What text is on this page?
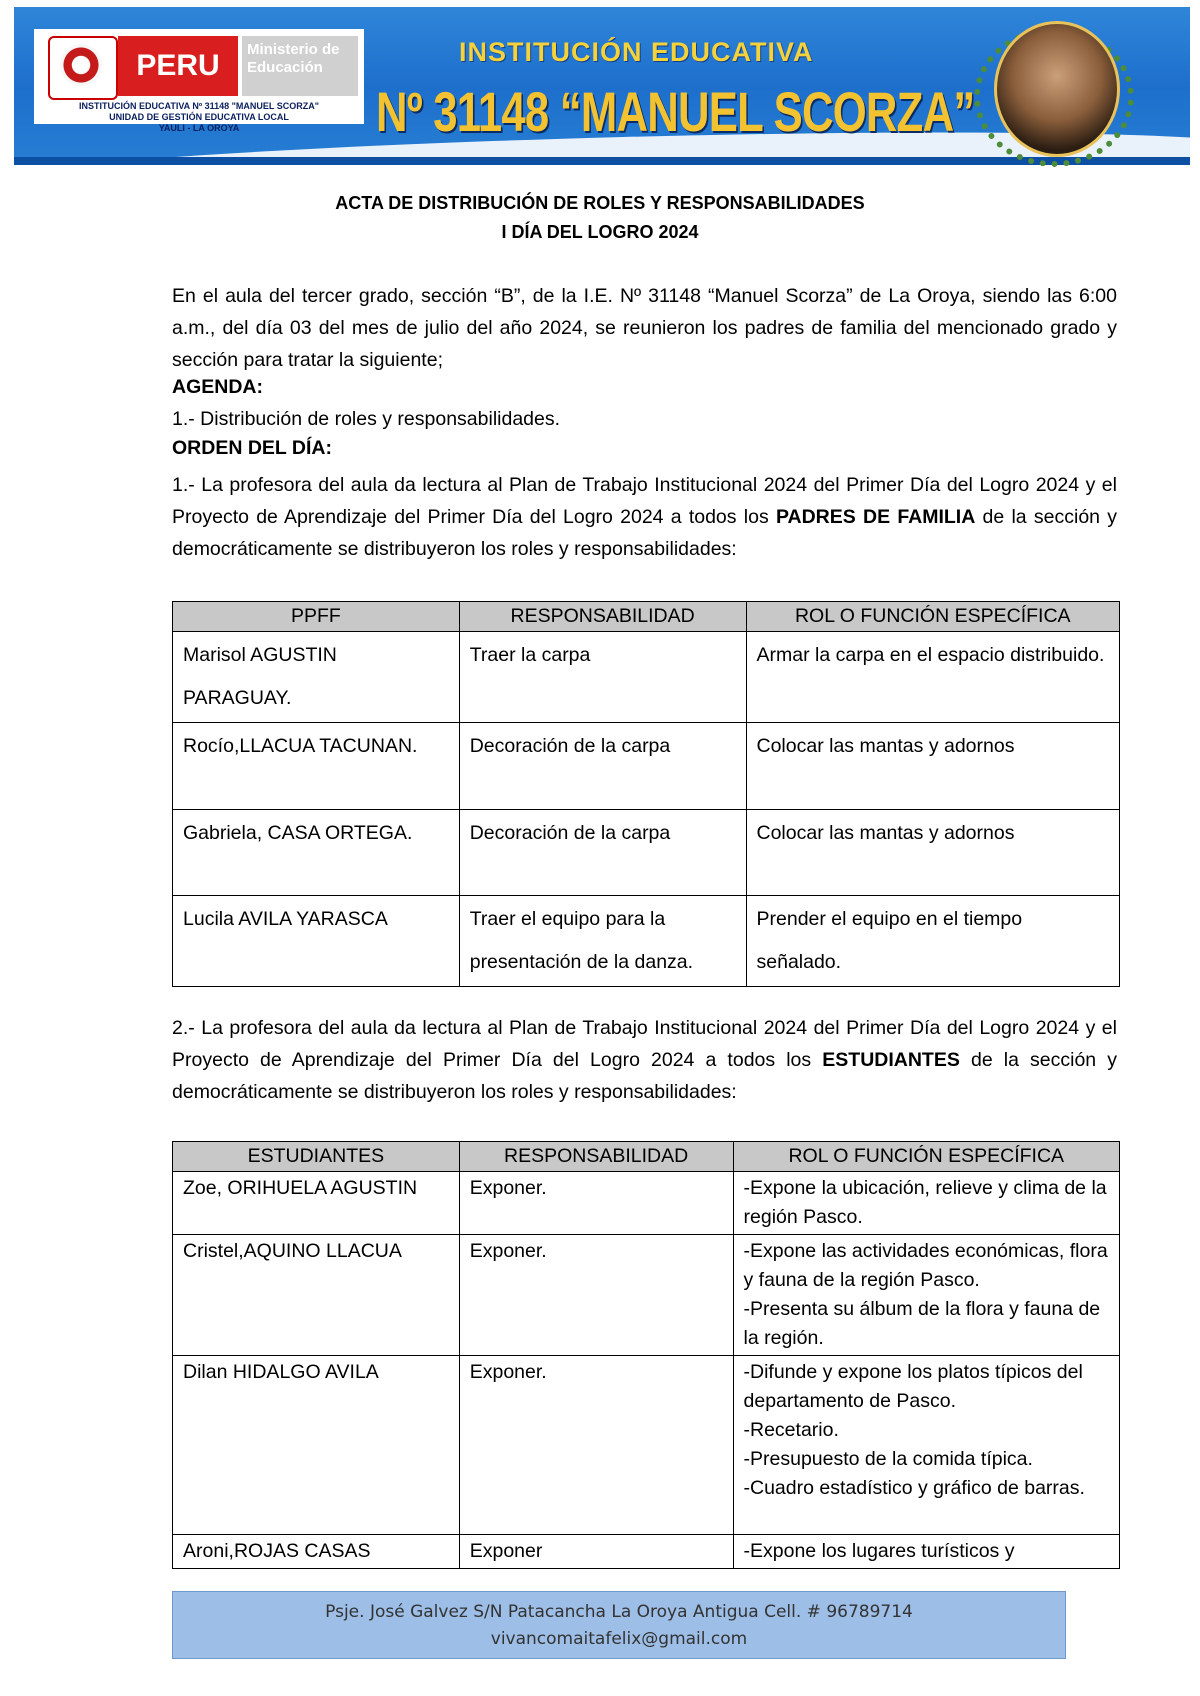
PERU	Ministerio de Educación
INSTITUCIÓN EDUCATIVA Nº 31148 "MANUEL SCORZA"
UNIDAD DE GESTIÓN EDUCATIVA LOCAL
YAULI - LA OROYA
INSTITUCIÓN EDUCATIVA
Nº 31148 “MANUEL SCORZA”
ACTA DE DISTRIBUCIÓN DE ROLES Y RESPONSABILIDADES
I DÍA DEL LOGRO 2024
En el aula del tercer grado, sección “B”, de la I.E. Nº 31148 “Manuel Scorza” de La Oroya, siendo las 6:00 a.m., del día 03 del mes de julio del año 2024, se reunieron los padres de familia del mencionado grado y sección para tratar la siguiente;
AGENDA:
1.- Distribución de roles y responsabilidades.
ORDEN DEL DÍA:
1.- La profesora del aula da lectura al Plan de Trabajo Institucional 2024 del Primer Día del Logro 2024 y el Proyecto de Aprendizaje del Primer Día del Logro 2024 a todos los PADRES DE FAMILIA de la sección y democráticamente se distribuyeron los roles y responsabilidades:
PPFF	RESPONSABILIDAD	ROL O FUNCIÓN ESPECÍFICA
Marisol AGUSTIN PARAGUAY.	Traer la carpa	Armar la carpa en el espacio distribuido.
Rocío,LLACUA TACUNAN.	Decoración de la carpa	Colocar las mantas y adornos
Gabriela, CASA ORTEGA.	Decoración de la carpa	Colocar las mantas y adornos
Lucila AVILA YARASCA	Traer el equipo para la presentación de la danza.	Prender el equipo en el tiempo señalado.
2.- La profesora del aula da lectura al Plan de Trabajo Institucional 2024 del Primer Día del Logro 2024 y el Proyecto de Aprendizaje del Primer Día del Logro 2024 a todos los ESTUDIANTES de la sección y democráticamente se distribuyeron los roles y responsabilidades:
ESTUDIANTES	RESPONSABILIDAD	ROL O FUNCIÓN ESPECÍFICA
Zoe, ORIHUELA AGUSTIN	Exponer.	-Expone la ubicación, relieve y clima de la región Pasco.
Cristel,AQUINO LLACUA	Exponer.	-Expone las actividades económicas, flora y fauna de la región Pasco.
-Presenta su álbum de la flora y fauna de la región.
Dilan HIDALGO AVILA	Exponer.	-Difunde y expone los platos típicos del departamento de Pasco.
-Recetario.
-Presupuesto de la comida típica.
-Cuadro estadístico y gráfico de barras.
Aroni,ROJAS CASAS	Exponer	-Expone los lugares turísticos y
Psje. José Galvez S/N Patacancha La Oroya Antigua Cell. # 96789714
vivancomaitafelix@gmail.com
